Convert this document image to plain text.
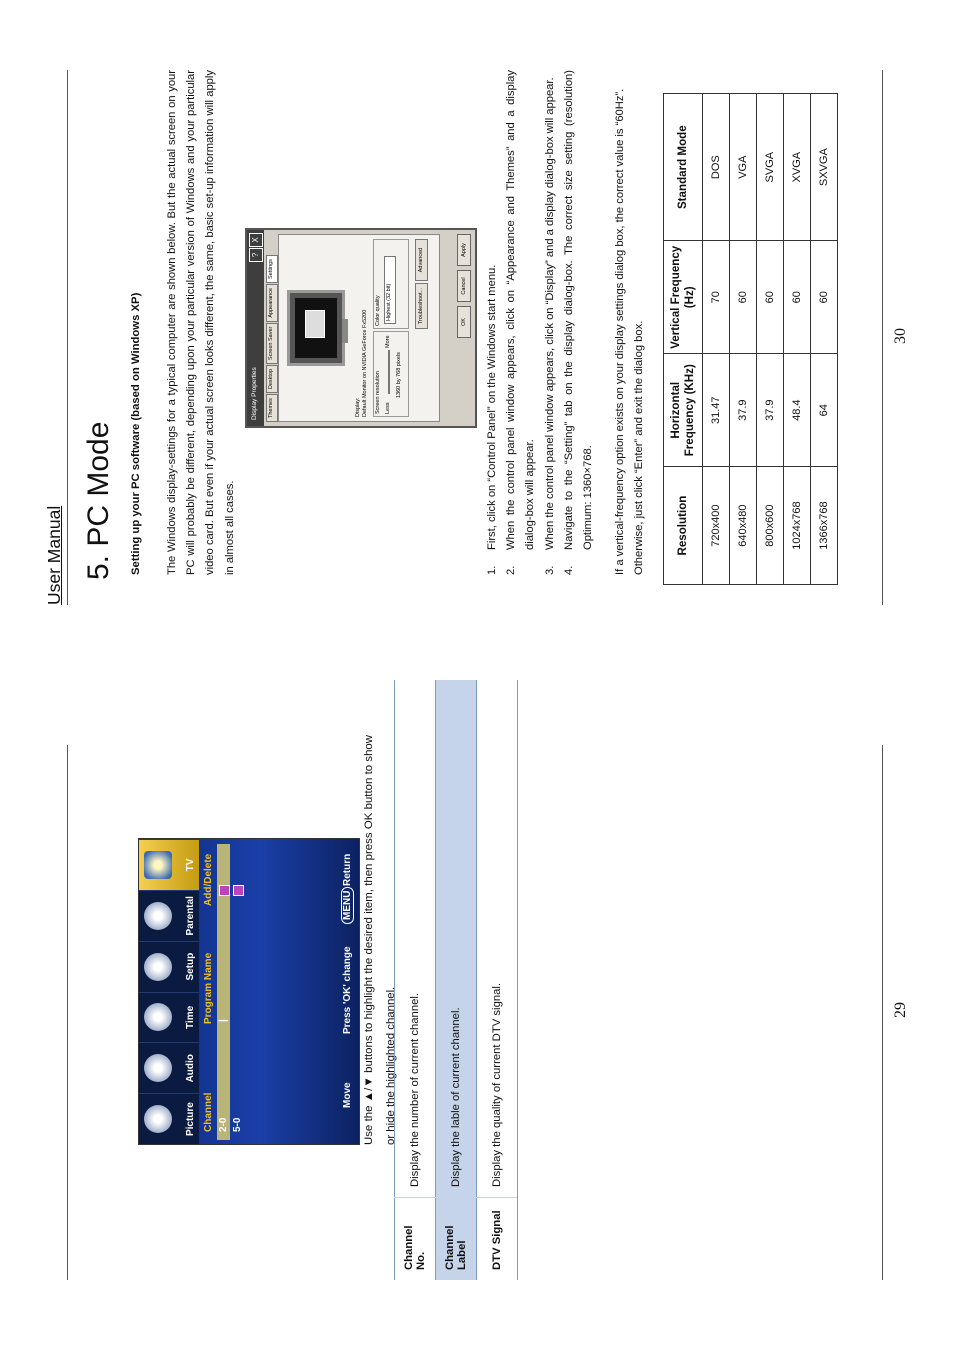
Picture
Audio
Time
Setup
Parental
TV
Channel
Program Name
Add/Delete
2-0
|
5-0
Move
Press 'OK' change
MENU
Return Use the ▲/▼ buttons to highlight the desired item, then press OK button to show or hide the highlighted channel.

Channel No.	Display the number of current channel.
Channel Label	Display the lable of current channel.
DTV Signal	Display the quality of current DTV signal.	29
User Manual 5. PC Mode Setting up your PC software (based on Windows XP) The Windows display-settings for a typical computer are shown below. But the actual screen on your PC will probably be different, depending upon your particular version of Windows and your particular video card. But even if your actual screen looks different, the same, basic set-up information will apply in almost all cases.

Display Properties
?
X
Themes
Desktop
Screen Saver
Appearance
Settings
Display: Default Monitor on NVIDIA GeForce Fx5200 Screen resolution Less
More
1360 by 768 pixels
Color quality Highest (32 bit)	Troubleshoot...
Advanced
OK
Cancel
Apply
1.
First, click on “Control Panel” on the Windows start menu.
2.
When the control panel window appears, click on “Appearance and Themes” and a display dialog-box will appear.
3.
When the control panel window appears, click on “Display” and a display dialog-box will appear.
4.
Navigate to the “Setting” tab on the display dialog-box. The correct size setting (resolution) Optimum: 1360×768.	If a vertical-frequency option exists on your display settings dialog box, the correct value is “60Hz”. Otherwise, just click “Enter” and exit the dialog box.	Resolution	Horizontal Frequency (KHz)	Vertical Frequency (Hz)	Standard Mode
720x400	31.47	70	DOS
640x480	37.9	60	VGA
800x600	37.9	60	SVGA
1024x768	48.4	60	XVGA
1366x768	64	60	SXVGA
30
